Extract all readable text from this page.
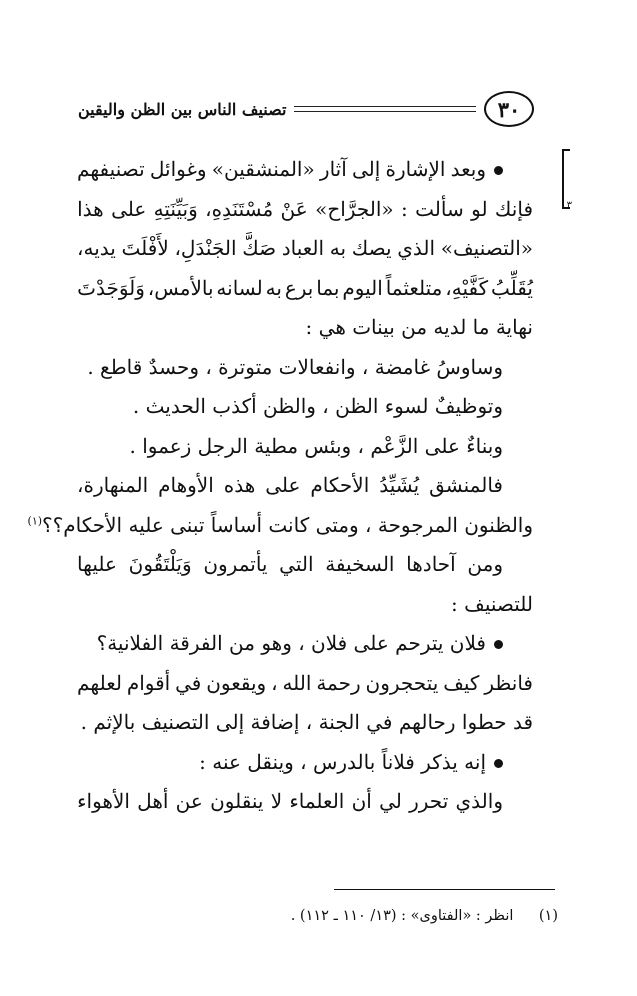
٣٠
تصنيف الناس بين الظن واليقين
٣
وبعد
الإشارة
إلى
آثار
«المنشقين»
وغوائل
تصنيفهم
فإنك
لو
سألت
:
«الجرَّاح»
عَنْ
مُسْتَنَدِهِ،
وَبَيِّنَتِهِ
على
هذا
«التصنيف»
الذي
يصك
به
العباد
صَكَّ
الجَنْدَلِ،
لأَفْلَتَ
يديه،
يُقَلِّبُ
كَفَّيْهِ،
متلعثماً
اليوم
بما
برع
به
لسانه
بالأمس،
وَلَوَجَدْتَ
نهاية ما لديه من بينات هي :
وساوسُ غامضة ، وانفعالات متوترة ، وحسدٌ قاطع .
وتوظيفٌ لسوء الظن ، والظن أكذب الحديث .
وبناءٌ على الزَّعْم ، وبئس مطية الرجل زعموا .
فالمنشق
يُشَيِّدُ
الأحكام
على
هذه
الأوهام
المنهارة،
والظنون المرجوحة ، ومتى كانت أساساً تبنى عليه الأحكام؟؟$^{(١)}$
ومن
آحادها
السخيفة
التي
يأتمرون
وَيَلْتَقُونَ
عليها
للتصنيف :
فلان يترحم على فلان ، وهو من الفرقة الفلانية؟
فانظر
كيف
يتحجرون
رحمة
الله
،
ويقعون
في
أقوام
لعلهم
قد حطوا رحالهم في الجنة ، إضافة إلى التصنيف بالإثم .
إنه يذكر فلاناً بالدرس ، وينقل عنه :
والذي
تحرر
لي
أن
العلماء
لا
ينقلون
عن
أهل
الأهواء
(١) انظر : «الفتاوى» : (١٣/ ١١٠ ـ ١١٢) .
